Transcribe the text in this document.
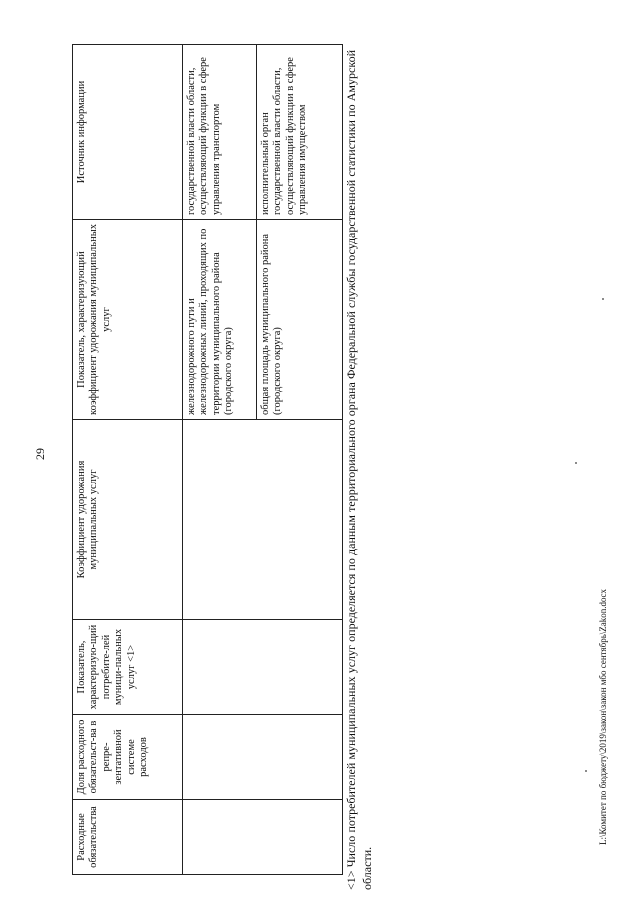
29
Расходные обязательства	Доля расходного обязательст-ва в репре-зентативной системе расходов	Показатель, характеризую-щий потребите-лей муници-пальных услуг <1>	Коэффициент удорожания муниципальных услуг	Показатель, характеризующий коэффициент удорожания муниципальных услуг	Источник информации
				железнодорожного пути и железнодорожных линий, проходящих по территории муниципального района (городского округа)	государственной власти области, осуществляющий функции в сфере управления транспортом
				общая площадь муниципального района (городского округа)	исполнительный орган государственной власти области, осуществляющий функции в сфере управления имуществом	<1> Число потребителей муниципальных услуг определяется по данным территориального органа Федеральной службы государственной статистики по Амурской области.
L:\Комитет по бюджету\2019\закон\закон мбо сентябрь\Zakon.docx
